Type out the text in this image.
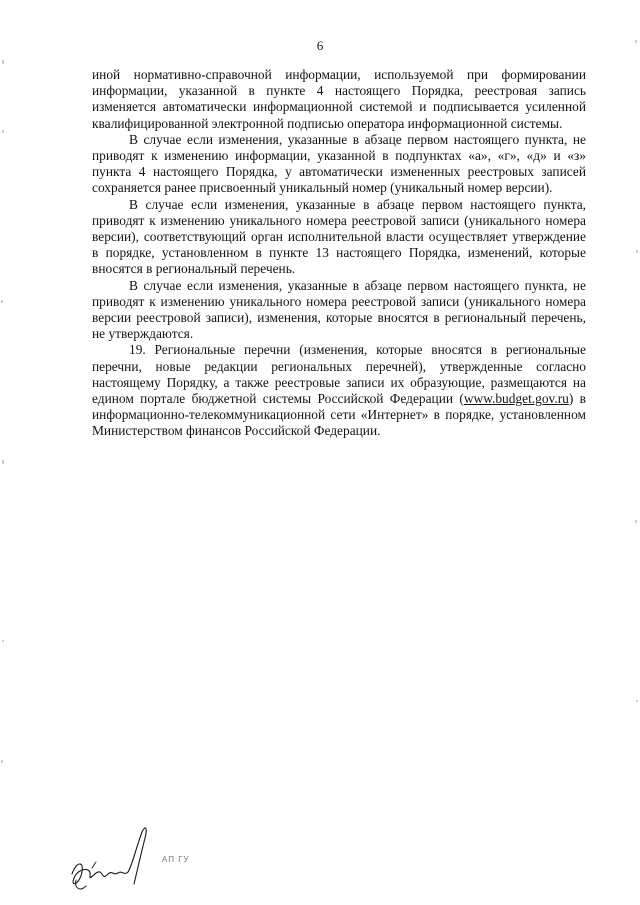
6

иной нормативно-справочной информации, используемой при формировании информации, указанной в пункте 4 настоящего Порядка, реестровая запись изменяется автоматически информационной системой и подписывается усиленной квалифицированной электронной подписью оператора информационной системы.

В случае если изменения, указанные в абзаце первом настоящего пункта, не приводят к изменению информации, указанной в подпунктах «а», «г», «д» и «з» пункта 4 настоящего Порядка, у автоматически измененных реестровых записей сохраняется ранее присвоенный уникальный номер (уникальный номер версии).

В случае если изменения, указанные в абзаце первом настоящего пункта, приводят к изменению уникального номера реестровой записи (уникального номера версии), соответствующий орган исполнительной власти осуществляет утверждение в порядке, установленном в пункте 13 настоящего Порядка, изменений, которые вносятся в региональный перечень.

В случае если изменения, указанные в абзаце первом настоящего пункта, не приводят к изменению уникального номера реестровой записи (уникального номера версии реестровой записи), изменения, которые вносятся в региональный перечень, не утверждаются.

19. Региональные перечни (изменения, которые вносятся в региональные перечни, новые редакции региональных перечней), утвержденные согласно настоящему Порядку, а также реестровые записи их образующие, размещаются на едином портале бюджетной системы Российской Федерации (www.budget.gov.ru) в информационно-телекоммуникационной сети «Интернет» в порядке, установленном Министерством финансов Российской Федерации.

АП ГУ
